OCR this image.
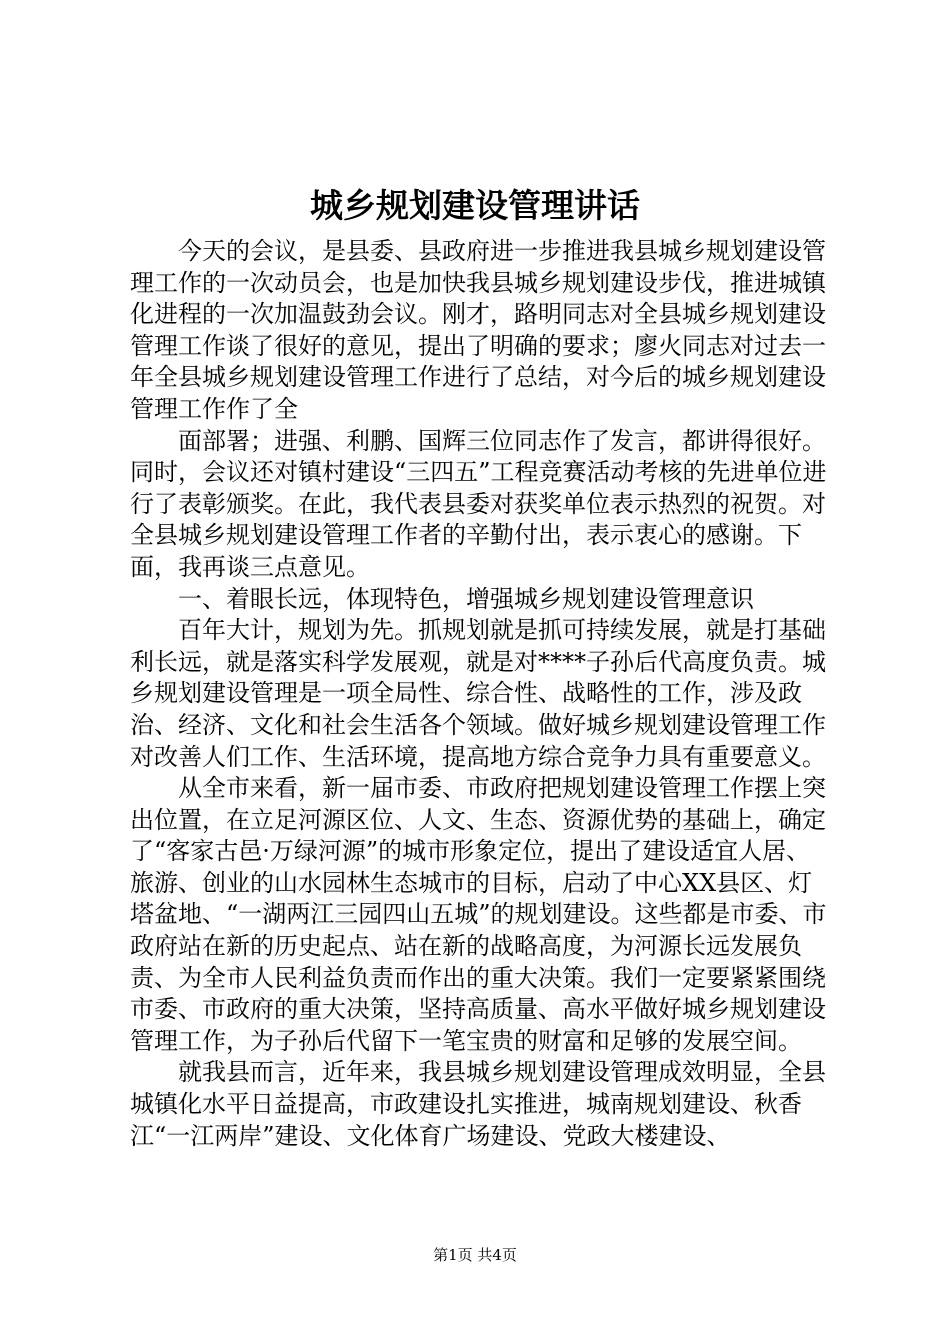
城乡规划建设管理讲话

今天的会议，是县委、县政府进一步推进我县城乡规划建设管理工作的一次动员会，也是加快我县城乡规划建设步伐，推进城镇化进程的一次加温鼓劲会议。刚才，路明同志对全县城乡规划建设管理工作谈了很好的意见，提出了明确的要求；廖火同志对过去一年全县城乡规划建设管理工作进行了总结，对今后的城乡规划建设管理工作作了全

面部署；进强、利鹏、国辉三位同志作了发言，都讲得很好。同时，会议还对镇村建设“三四五”工程竞赛活动考核的先进单位进行了表彰颁奖。在此，我代表县委对获奖单位表示热烈的祝贺。对全县城乡规划建设管理工作者的辛勤付出，表示衷心的感谢。下面，我再谈三点意见。

一、着眼长远，体现特色，增强城乡规划建设管理意识

百年大计，规划为先。抓规划就是抓可持续发展，就是打基础利长远，就是落实科学发展观，就是对****子孙后代高度负责。城乡规划建设管理是一项全局性、综合性、战略性的工作，涉及政治、经济、文化和社会生活各个领域。做好城乡规划建设管理工作对改善人们工作、生活环境，提高地方综合竞争力具有重要意义。

从全市来看，新一届市委、市政府把规划建设管理工作摆上突出位置，在立足河源区位、人文、生态、资源优势的基础上，确定了“客家古邑·万绿河源”的城市形象定位，提出了建设适宜人居、旅游、创业的山水园林生态城市的目标，启动了中心XX县区、灯塔盆地、“一湖两江三园四山五城”的规划建设。这些都是市委、市政府站在新的历史起点、站在新的战略高度，为河源长远发展负责、为全市人民利益负责而作出的重大决策。我们一定要紧紧围绕市委、市政府的重大决策，坚持高质量、高水平做好城乡规划建设管理工作，为子孙后代留下一笔宝贵的财富和足够的发展空间。

就我县而言，近年来，我县城乡规划建设管理成效明显，全县城镇化水平日益提高，市政建设扎实推进，城南规划建设、秋香江“一江两岸”建设、文化体育广场建设、党政大楼建设、

第1页 共4页
